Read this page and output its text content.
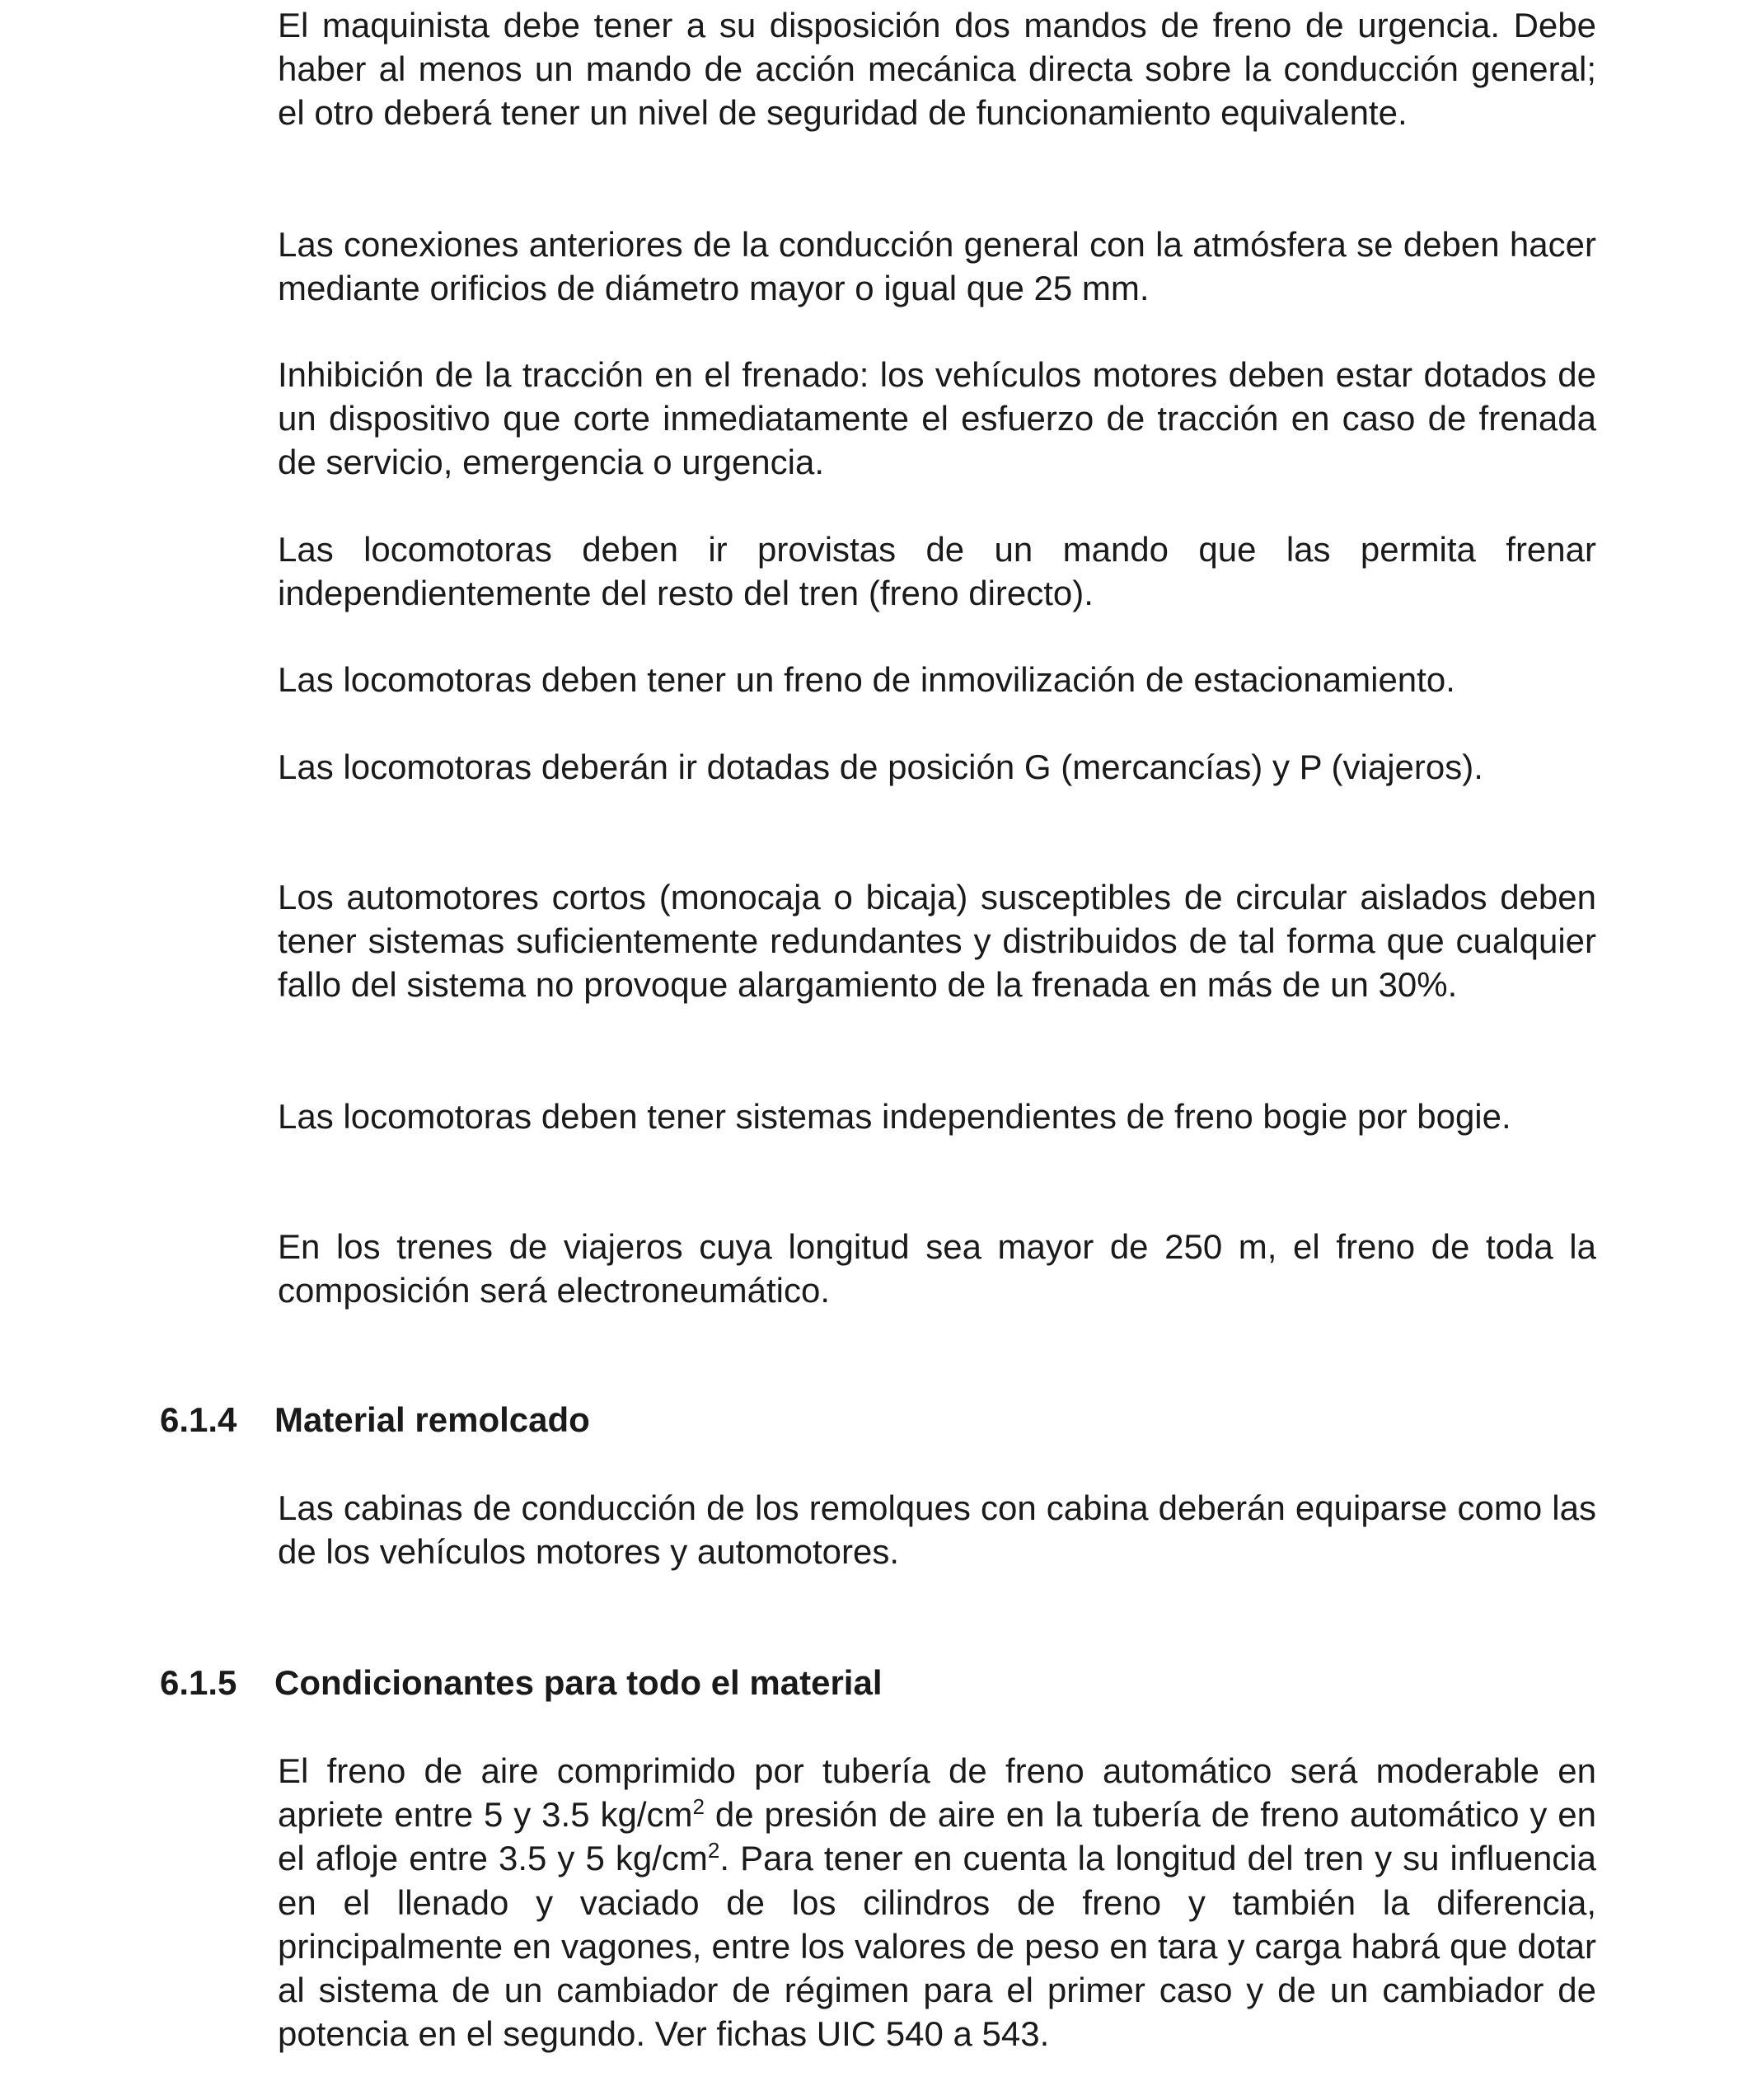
El maquinista debe tener a su disposición dos mandos de freno de urgencia. Debe haber al menos un mando de acción mecánica directa sobre la conducción general; el otro deberá tener un nivel de seguridad de funcionamiento equivalente.

Las conexiones anteriores de la conducción general con la atmósfera se deben hacer mediante orificios de diámetro mayor o igual que 25 mm.

Inhibición de la tracción en el frenado: los vehículos motores deben estar dotados de un dispositivo que corte inmediatamente el esfuerzo de tracción en caso de frenada de servicio, emergencia o urgencia.

Las locomotoras deben ir provistas de un mando que las permita frenar independientemente del resto del tren (freno directo).

Las locomotoras deben tener un freno de inmovilización de estacionamiento.

Las locomotoras deberán ir dotadas de posición G (mercancías) y P (viajeros).

Los automotores cortos (monocaja o bicaja) susceptibles de circular aislados deben tener sistemas suficientemente redundantes y distribuidos de tal forma que cualquier fallo del sistema no provoque alargamiento de la frenada en más de un 30%.

Las locomotoras deben tener sistemas independientes de freno bogie por bogie.

En los trenes de viajeros cuya longitud sea mayor de 250 m, el freno de toda la composición será electroneumático.

6.1.4 Material remolcado

Las cabinas de conducción de los remolques con cabina deberán equiparse como las de los vehículos motores y automotores.

6.1.5 Condicionantes para todo el material

El freno de aire comprimido por tubería de freno automático será moderable en apriete entre 5 y 3.5 $kg/cm^2$ de presión de aire en la tubería de freno automático y en el afloje entre 3.5 y 5 $kg/cm^2$. Para tener en cuenta la longitud del tren y su influencia en el llenado y vaciado de los cilindros de freno y también la diferencia, principalmente en vagones, entre los valores de peso en tara y carga habrá que dotar al sistema de un cambiador de régimen para el primer caso y de un cambiador de potencia en el segundo. Ver fichas UIC 540 a 543.
